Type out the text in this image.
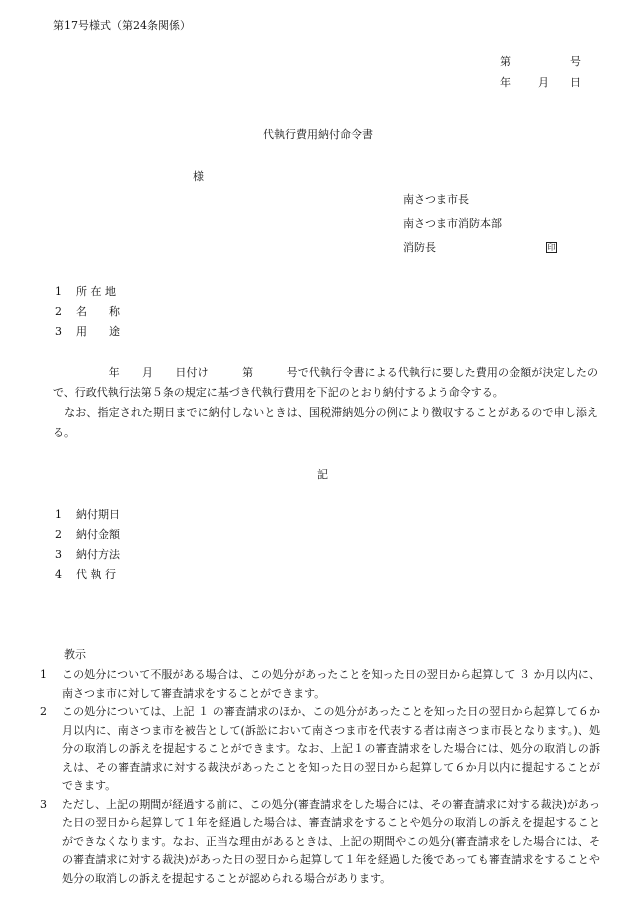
第17号様式（第24条関係）
第	号
年 月 日
代執行費用納付命令書
様
南さつま市長
南さつま市消防本部
消防長	印
1 所 在 地
2 名　　称
3 用　　途

　　　　　年　　月　　日付け　　　第　　　号で代執行令書による代執行に要した費用の金額が決定したので、行政代執行法第５条の規定に基づき代執行費用を下記のとおり納付するよう命令する。

　なお、指定された期日までに納付しないときは、国税滞納処分の例により徴収することがあるので申し添える。

記
1 納付期日
2 納付金額
3 納付方法
4 代 執 行
教示
1	この処分について不服がある場合は、この処分があったことを知った日の翌日から起算して ３ か月以内に、南さつま市に対して審査請求をすることができます。
2	この処分については、上記 １ の審査請求のほか、この処分があったことを知った日の翌日から起算して６か月以内に、南さつま市を被告として(訴訟において南さつま市を代表する者は南さつま市長となります。)、処分の取消しの訴えを提起することができます。なお、上記１の審査請求をした場合には、処分の取消しの訴えは、その審査請求に対する裁決があったことを知った日の翌日から起算して６か月以内に提起することができます。
3	ただし、上記の期間が経過する前に、この処分(審査請求をした場合には、その審査請求に対する裁決)があった日の翌日から起算して１年を経過した場合は、審査請求をすることや処分の取消しの訴えを提起することができなくなります。なお、正当な理由があるときは、上記の期間やこの処分(審査請求をした場合には、その審査請求に対する裁決)があった日の翌日から起算して１年を経過した後であっても審査請求をすることや処分の取消しの訴えを提起することが認められる場合があります。
